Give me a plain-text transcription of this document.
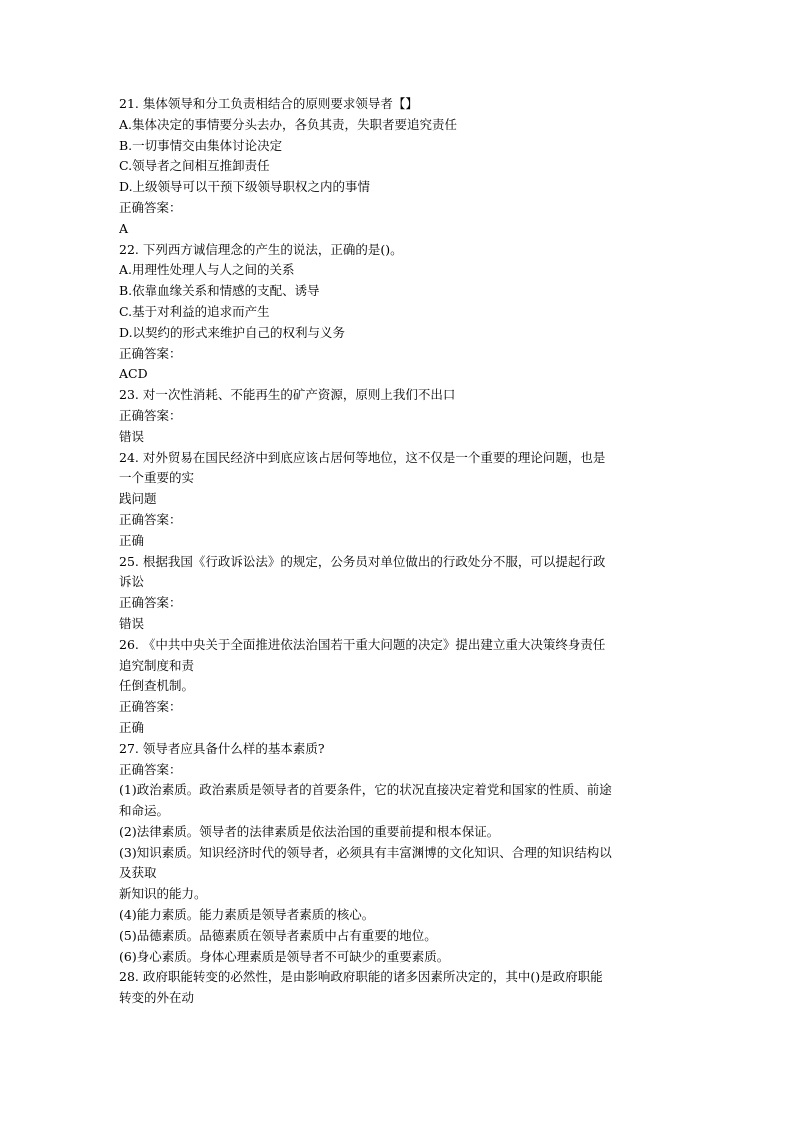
21. 集体领导和分工负责相结合的原则要求领导者【】
A.集体决定的事情要分头去办，各负其责，失职者要追究责任
B.一切事情交由集体讨论决定
C.领导者之间相互推卸责任
D.上级领导可以干预下级领导职权之内的事情
正确答案：
A
22. 下列西方诚信理念的产生的说法，正确的是()。
A.用理性处理人与人之间的关系
B.依靠血缘关系和情感的支配、诱导
C.基于对利益的追求而产生
D.以契约的形式来维护自己的权利与义务
正确答案：
ACD
23. 对一次性消耗、不能再生的矿产资源，原则上我们不出口
正确答案：
错误
24. 对外贸易在国民经济中到底应该占居何等地位，这不仅是一个重要的理论问题，也是
一个重要的实
践问题
正确答案：
正确
25. 根据我国《行政诉讼法》的规定，公务员对单位做出的行政处分不服，可以提起行政
诉讼
正确答案：
错误
26. 《中共中央关于全面推进依法治国若干重大问题的决定》提出建立重大决策终身责任
追究制度和责
任倒查机制。
正确答案：
正确
27. 领导者应具备什么样的基本素质?
正确答案：
(1)政治素质。政治素质是领导者的首要条件，它的状况直接决定着党和国家的性质、前途
和命运。
(2)法律素质。领导者的法律素质是依法治国的重要前提和根本保证。
(3)知识素质。知识经济时代的领导者，必须具有丰富渊博的文化知识、合理的知识结构以
及获取
新知识的能力。
(4)能力素质。能力素质是领导者素质的核心。
(5)品德素质。品德素质在领导者素质中占有重要的地位。
(6)身心素质。身体心理素质是领导者不可缺少的重要素质。
28. 政府职能转变的必然性，是由影响政府职能的诸多因素所决定的，其中()是政府职能
转变的外在动
